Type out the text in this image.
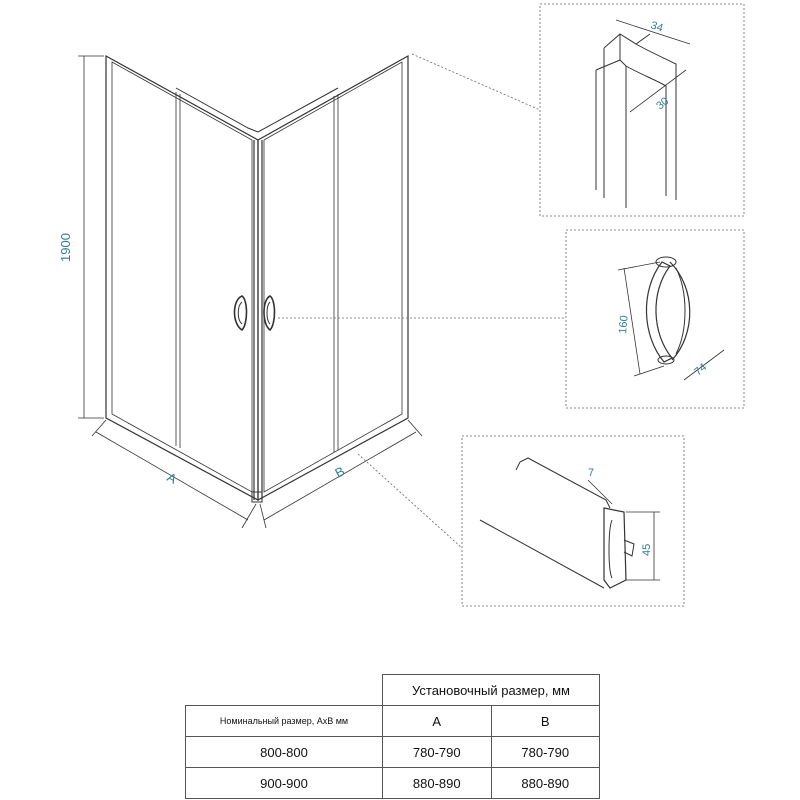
1900
A	B
34
30
160
74
7
45
	Установочный размер, мм	
Номинальный размер, AxB мм	A	B
800-800	780-790	780-790
900-900	880-890	880-890
